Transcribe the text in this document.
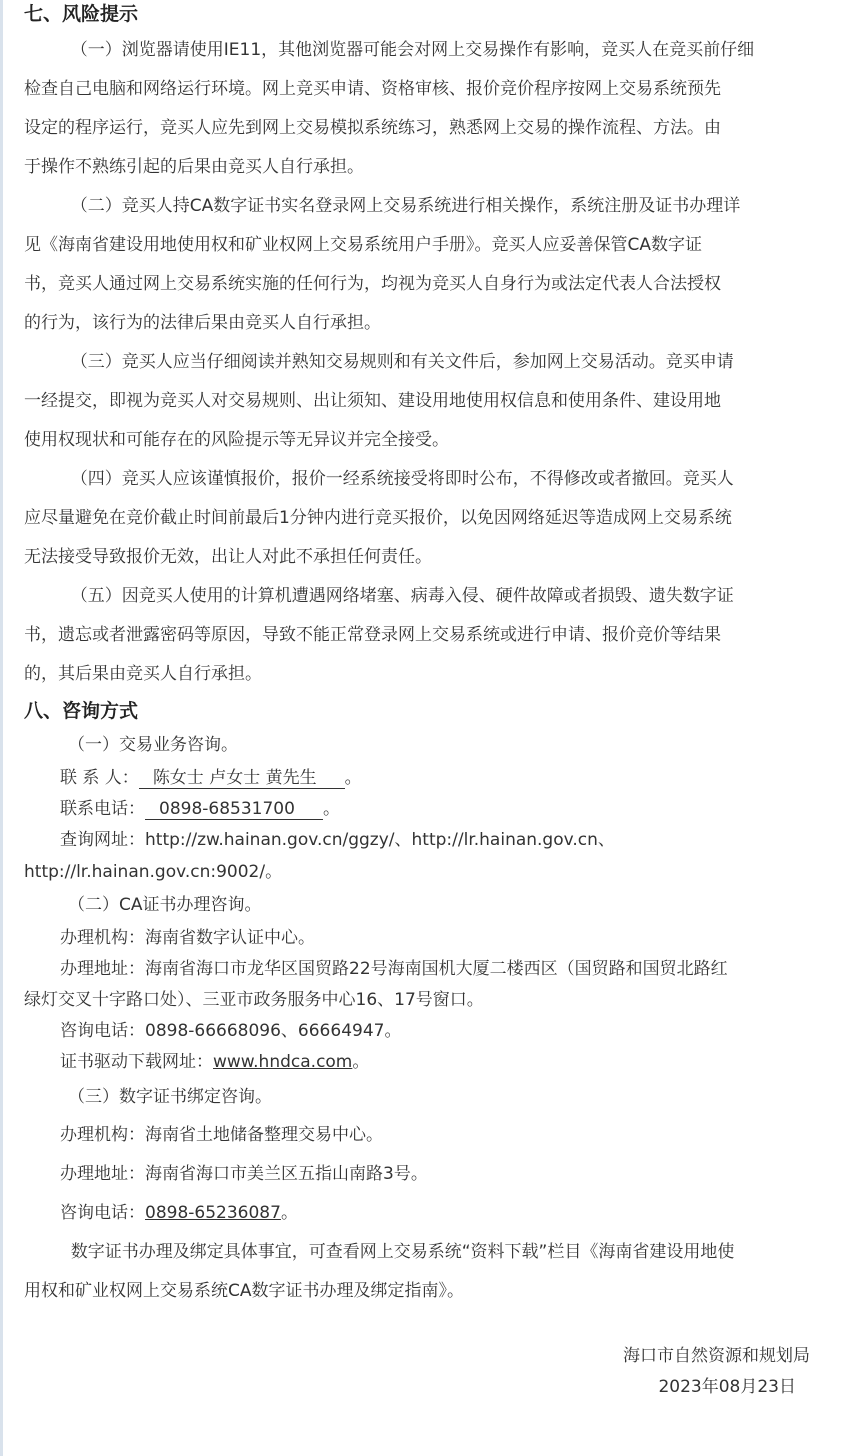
七、风险提示

（一）浏览器请使用IE11，其他浏览器可能会对网上交易操作有影响，竞买人在竞买前仔细
检查自己电脑和网络运行环境。网上竞买申请、资格审核、报价竞价程序按网上交易系统预先
设定的程序运行，竞买人应先到网上交易模拟系统练习，熟悉网上交易的操作流程、方法。由
于操作不熟练引起的后果由竞买人自行承担。

（二）竞买人持CA数字证书实名登录网上交易系统进行相关操作，系统注册及证书办理详
见《海南省建设用地使用权和矿业权网上交易系统用户手册》。竞买人应妥善保管CA数字证
书，竞买人通过网上交易系统实施的任何行为，均视为竞买人自身行为或法定代表人合法授权
的行为，该行为的法律后果由竞买人自行承担。

（三）竞买人应当仔细阅读并熟知交易规则和有关文件后，参加网上交易活动。竞买申请
一经提交，即视为竞买人对交易规则、出让须知、建设用地使用权信息和使用条件、建设用地
使用权现状和可能存在的风险提示等无异议并完全接受。

（四）竞买人应该谨慎报价，报价一经系统接受将即时公布，不得修改或者撤回。竞买人
应尽量避免在竞价截止时间前最后1分钟内进行竞买报价，以免因网络延迟等造成网上交易系统
无法接受导致报价无效，出让人对此不承担任何责任。

（五）因竞买人使用的计算机遭遇网络堵塞、病毒入侵、硬件故障或者损毁、遗失数字证
书，遗忘或者泄露密码等原因，导致不能正常登录网上交易系统或进行申请、报价竞价等结果
的，其后果由竞买人自行承担。

八、咨询方式
（一）交易业务咨询。
联 系 人： 陈女士 卢女士 黄先生 。
联系电话： 0898-68531700 。
查询网址：http://zw.hainan.gov.cn/ggzy/、http://lr.hainan.gov.cn、
http://lr.hainan.gov.cn:9002/。
（二）CA证书办理咨询。
办理机构：海南省数字认证中心。
办理地址：海南省海口市龙华区国贸路22号海南国机大厦二楼西区（国贸路和国贸北路红
绿灯交叉十字路口处）、三亚市政务服务中心16、17号窗口。
咨询电话：0898-66668096、66664947。
证书驱动下载网址：www.hndca.com。
（三）数字证书绑定咨询。
办理机构：海南省土地储备整理交易中心。
办理地址：海南省海口市美兰区五指山南路3号。
咨询电话：0898-65236087。

数字证书办理及绑定具体事宜，可查看网上交易系统“资料下载”栏目《海南省建设用地使
用权和矿业权网上交易系统CA数字证书办理及绑定指南》。

海口市自然资源和规划局
2023年08月23日
